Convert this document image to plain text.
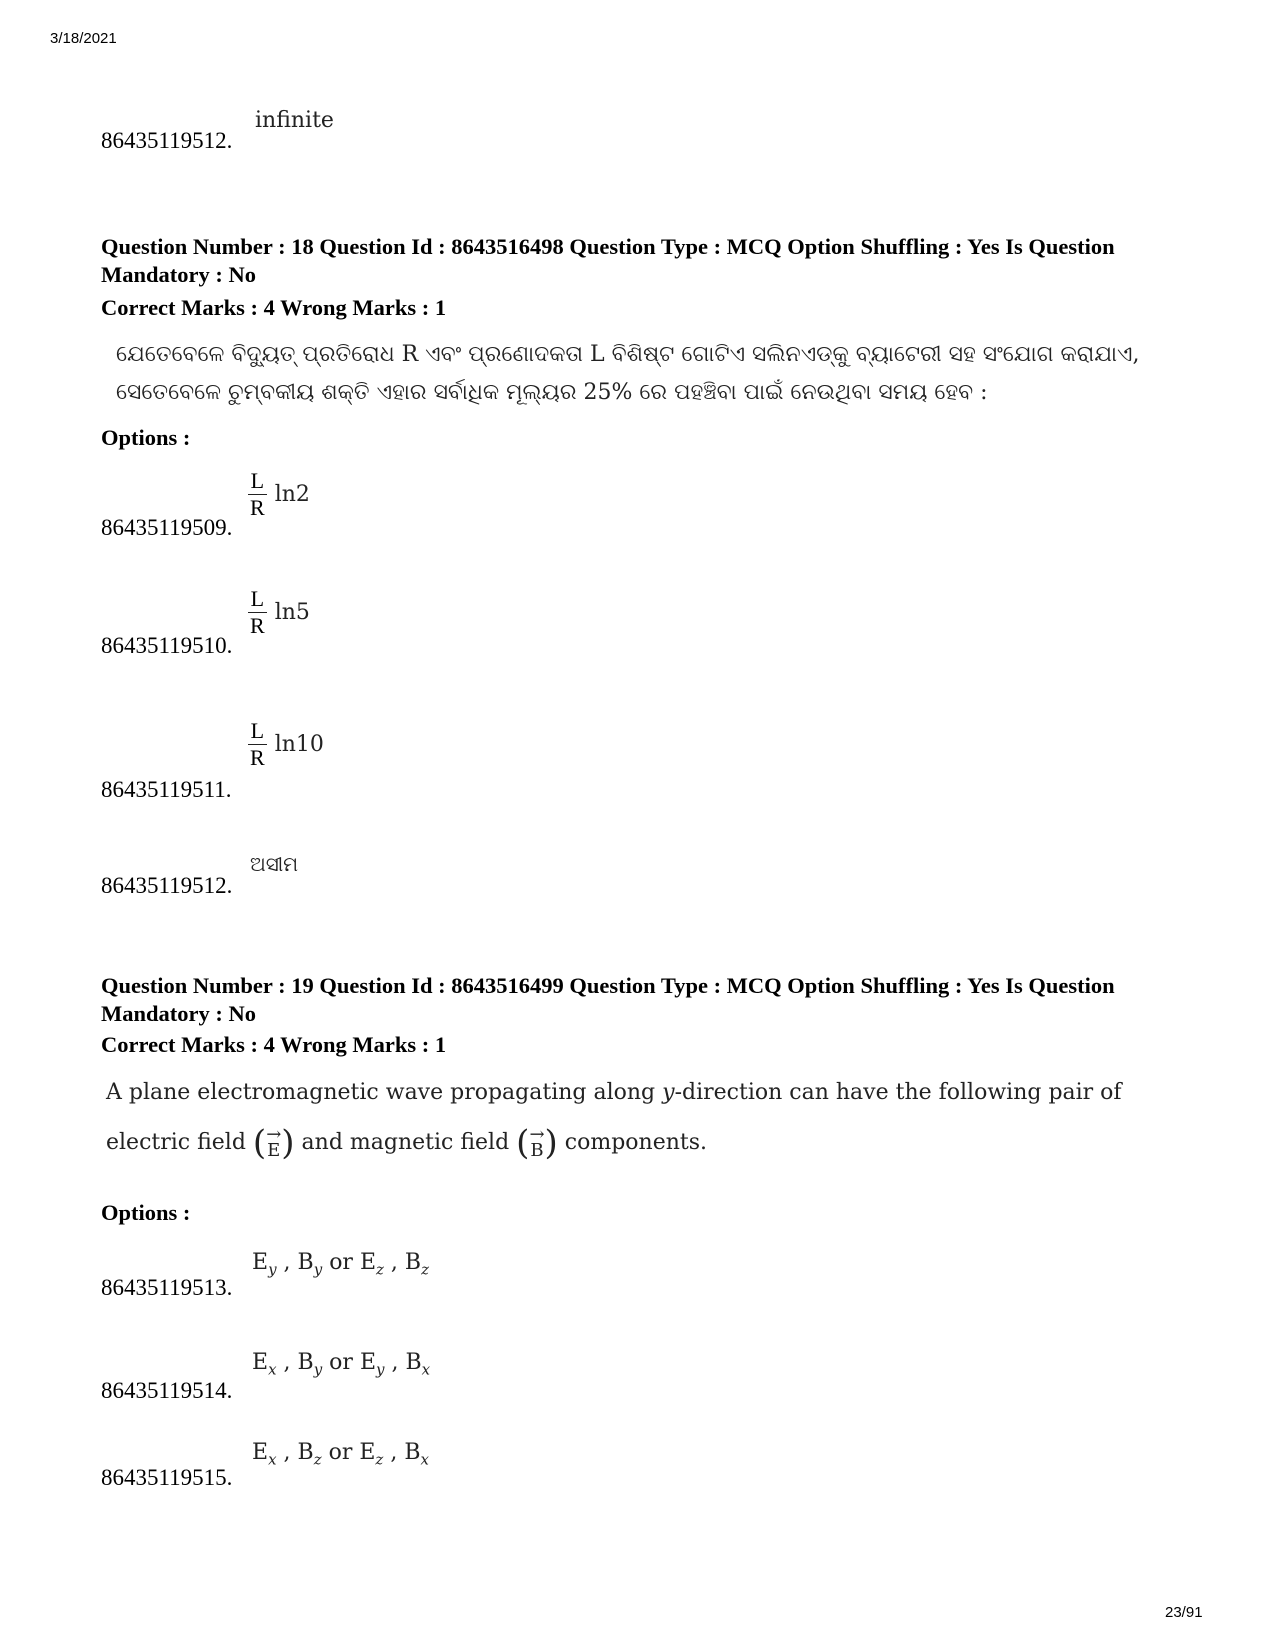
3/18/2021
86435119512.
infinite
Question Number : 18 Question Id : 8643516498 Question Type : MCQ Option Shuffling : Yes Is Question Mandatory : No
Correct Marks : 4 Wrong Marks : 1
ଯେତେବେଳେ ବିଦ୍ୟୁତ୍ ପ୍ରତିରୋଧ R ଏବଂ ପ୍ରଣୋଦକତା L ବିଶିଷ୍ଟ ଗୋଟିଏ ସଲିନଏଡ୍‌କୁ ବ୍ୟାଟେରୀ ସହ ସଂଯୋଗ କରାଯାଏ,
ସେତେବେଳେ ଚୁମ୍ବକୀୟ ଶକ୍ତି ଏହାର ସର୍ବାଧିକ ମୂଲ୍ୟର 25% ରେ ପହଞ୍ଚିବା ପାଇଁ ନେଉଥିବା ସମୟ ହେବ :
Options :
86435119509.
$\frac{L}{R} \ln 2$
86435119510.
$\frac{L}{R} \ln 5$
86435119511.
$\frac{L}{R} \ln 10$
86435119512.
ଅସୀମ
Question Number : 19 Question Id : 8643516499 Question Type : MCQ Option Shuffling : Yes Is Question Mandatory : No
Correct Marks : 4 Wrong Marks : 1
A plane electromagnetic wave propagating along y-direction can have the following pair of
electric field ( →
E ) and magnetic field ( →
B ) components.
Options :
86435119513.
$E_y$ , $B_y$ or $E_z$ , $B_z$
86435119514.
$E_x$ , $B_y$ or $E_y$ , $B_x$
86435119515.
$E_x$ , $B_z$ or $E_z$ , $B_x$
23/91
